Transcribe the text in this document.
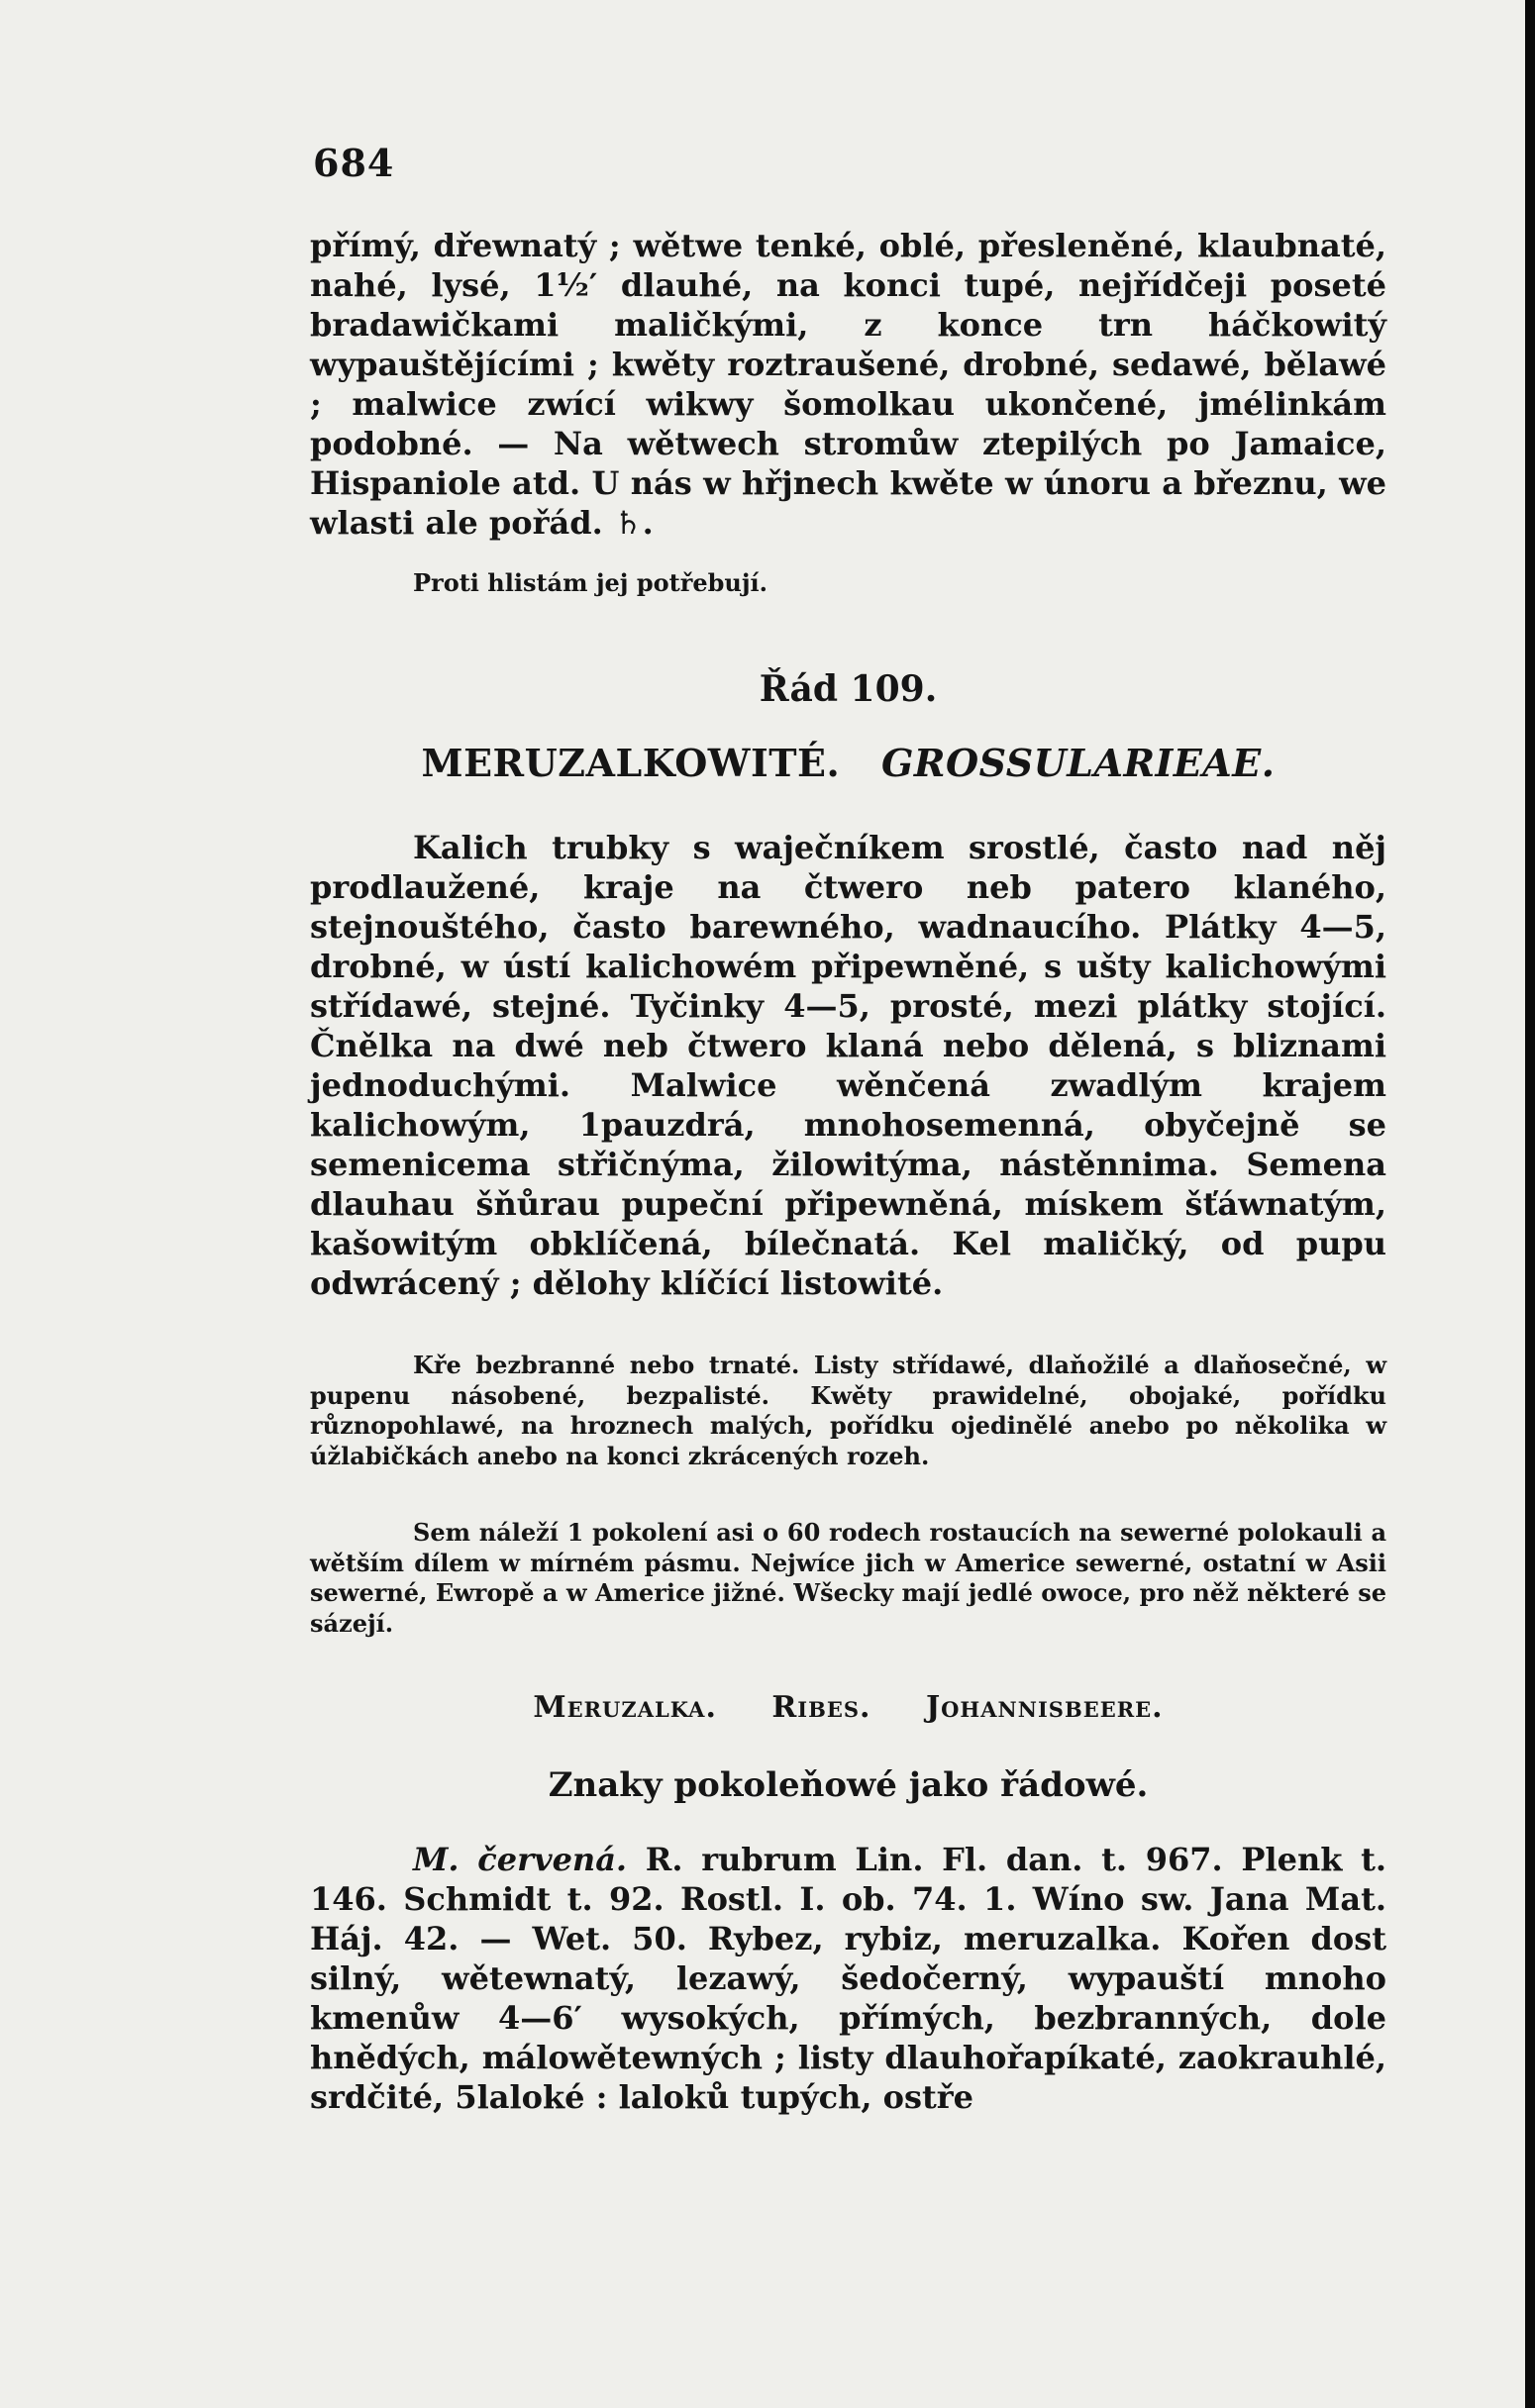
684

přímý, dřewnatý ; wětwe tenké, oblé, přesleněné, klaubnaté, nahé, lysé, 1½′ dlauhé, na konci tupé, nejřídčeji poseté bradawičkami maličkými, z konce trn háčkowitý wypauštějícími ; kwěty roztraušené, drobné, sedawé, bělawé ; malwice zwící wikwy šomolkau ukončené, jmélinkám podobné. — Na wětwech stromůw ztepilých po Jamaice, Hispaniole atd. U nás w hřjnech kwěte w únoru a březnu, we wlasti ale pořád. ♄.

Proti hlistám jej potřebují.

Řád 109.
MERUZALKOWITÉ. GROSSULARIEAE.

Kalich trubky s waječníkem srostlé, často nad něj prodlaužené, kraje na čtwero neb patero klaného, stejnouštého, často barewného, wadnaucího. Plátky 4—5, drobné, w ústí kalichowém připewněné, s ušty kalichowými střídawé, stejné. Tyčinky 4—5, prosté, mezi plátky stojící. Čnělka na dwé neb čtwero klaná nebo dělená, s bliznami jednoduchými. Malwice wěnčená zwadlým krajem kalichowým, 1pauzdrá, mnohosemenná, obyčejně se semenicema střičnýma, žilowitýma, nástěnnima. Semena dlauhau šňůrau pupeční připewněná, mískem šťáwnatým, kašowitým obklíčená, bílečnatá. Kel maličký, od pupu odwrácený ; dělohy klíčící listowité.

Kře bezbranné nebo trnaté. Listy střídawé, dlaňožilé a dlaňosečné, w pupenu násobené, bezpalisté. Kwěty prawidelné, obojaké, pořídku různopohlawé, na hroznech malých, pořídku ojedinělé anebo po několika w úžlabičkách anebo na konci zkrácených rozeh.

Sem náleží 1 pokolení asi o 60 rodech rostaucích na sewerné polokauli a wětším dílem w mírném pásmu. Nejwíce jich w Americe sewerné, ostatní w Asii sewerné, Ewropě a w Americe jižné. Wšecky mají jedlé owoce, pro něž některé se sázejí.

Meruzalka. Ribes. Johannisbeere.
Znaky pokoleňowé jako řádowé.

M. červená. R. rubrum Lin. Fl. dan. t. 967. Plenk t. 146. Schmidt t. 92. Rostl. I. ob. 74. 1. Wíno sw. Jana Mat. Háj. 42. — Wet. 50. Rybez, rybiz, meruzalka. Kořen dost silný, wětewnatý, lezawý, šedočerný, wypauští mnoho kmenůw 4—6′ wysokých, přímých, bezbranných, dole hnědých, málowětewných ; listy dlauhořapíkaté, zaokrauhlé, srdčité, 5laloké : laloků tupých, ostře
